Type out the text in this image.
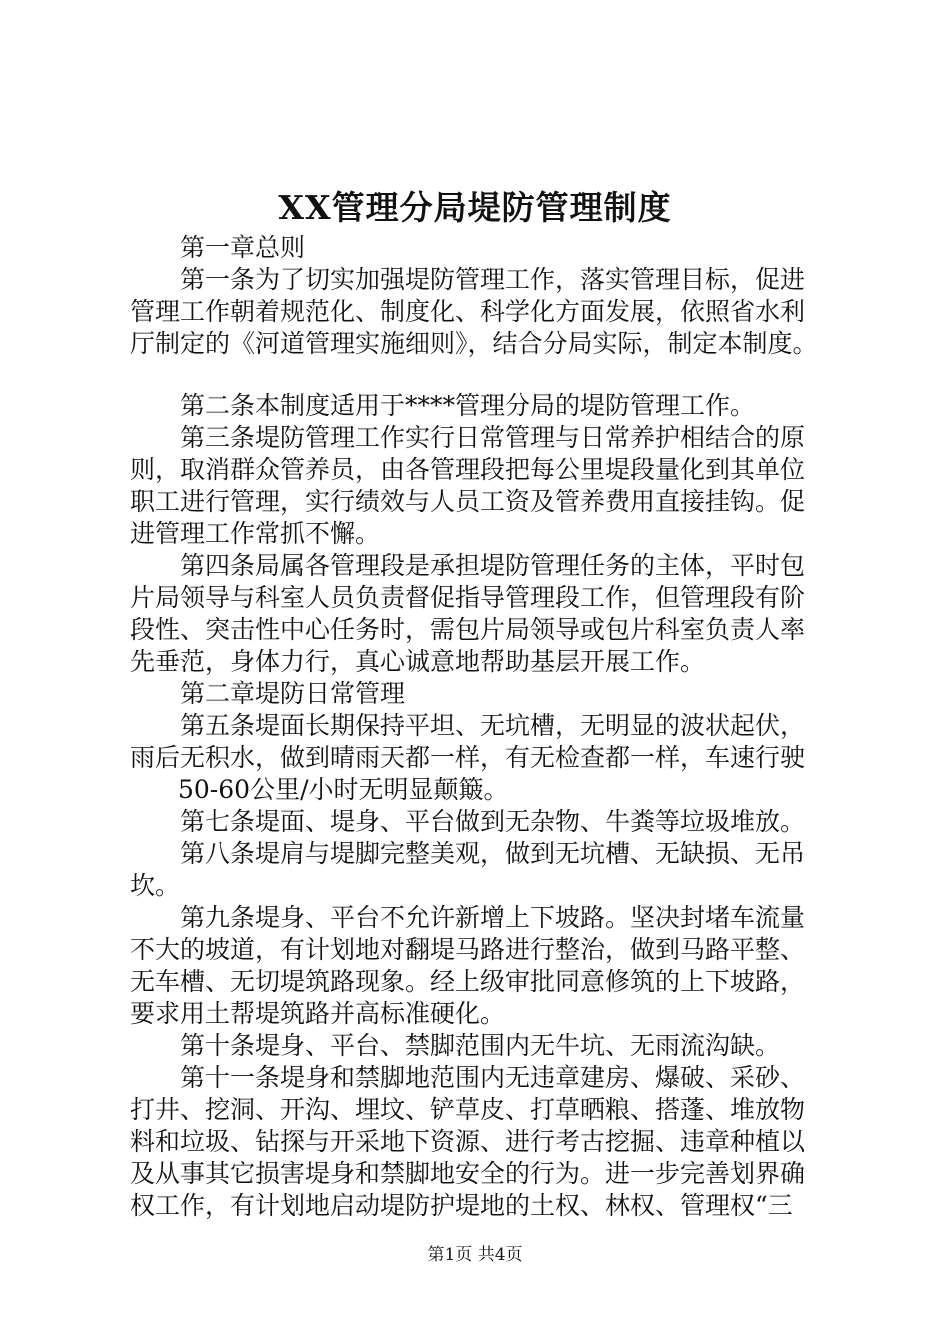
XX管理分局堤防管理制度
第一章总则
第一条为了切实加强堤防管理工作，落实管理目标，促进
管理工作朝着规范化、制度化、科学化方面发展，依照省水利
厅制定的《河道管理实施细则》，结合分局实际，制定本制度。
第二条本制度适用于****管理分局的堤防管理工作。
第三条堤防管理工作实行日常管理与日常养护相结合的原
则，取消群众管养员，由各管理段把每公里堤段量化到其单位
职工进行管理，实行绩效与人员工资及管养费用直接挂钩。促
进管理工作常抓不懈。
第四条局属各管理段是承担堤防管理任务的主体，平时包
片局领导与科室人员负责督促指导管理段工作，但管理段有阶
段性、突击性中心任务时，需包片局领导或包片科室负责人率
先垂范，身体力行，真心诚意地帮助基层开展工作。
第二章堤防日常管理
第五条堤面长期保持平坦、无坑槽，无明显的波状起伏，
雨后无积水，做到晴雨天都一样，有无检查都一样，车速行驶
50-60公里/小时无明显颠簸。
第七条堤面、堤身、平台做到无杂物、牛粪等垃圾堆放。
第八条堤肩与堤脚完整美观，做到无坑槽、无缺损、无吊
坎。
第九条堤身、平台不允许新增上下坡路。坚决封堵车流量
不大的坡道，有计划地对翻堤马路进行整治，做到马路平整、
无车槽、无切堤筑路现象。经上级审批同意修筑的上下坡路，
要求用土帮堤筑路并高标准硬化。
第十条堤身、平台、禁脚范围内无牛坑、无雨流沟缺。
第十一条堤身和禁脚地范围内无违章建房、爆破、采砂、
打井、挖洞、开沟、埋坟、铲草皮、打草晒粮、搭蓬、堆放物
料和垃圾、钻探与开采地下资源、进行考古挖掘、违章种植以
及从事其它损害堤身和禁脚地安全的行为。进一步完善划界确
权工作，有计划地启动堤防护堤地的土权、林权、管理权“三
第1页 共4页
